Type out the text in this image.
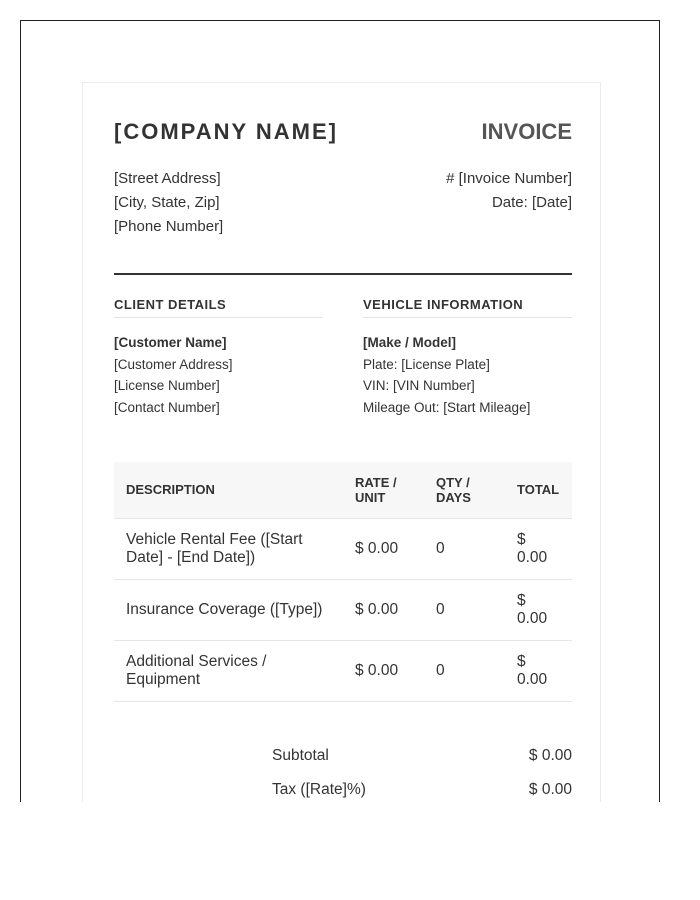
[COMPANY NAME]	INVOICE
[Street Address]
[City, State, Zip]
[Phone Number]
# [Invoice Number]
Date: [Date]
CLIENT DETAILS
[Customer Name]
[Customer Address]
[License Number]
[Contact Number]
VEHICLE INFORMATION
[Make / Model]
Plate: [License Plate]
VIN: [VIN Number]
Mileage Out: [Start Mileage]
DESCRIPTION	RATE / UNIT	QTY / DAYS	TOTAL
Vehicle Rental Fee ([Start Date] - [End Date])	$ 0.00	0	$ 0.00
Insurance Coverage ([Type])	$ 0.00	0	$ 0.00
Additional Services / Equipment	$ 0.00	0	$ 0.00
Subtotal	$ 0.00
Tax ([Rate]%)	$ 0.00
